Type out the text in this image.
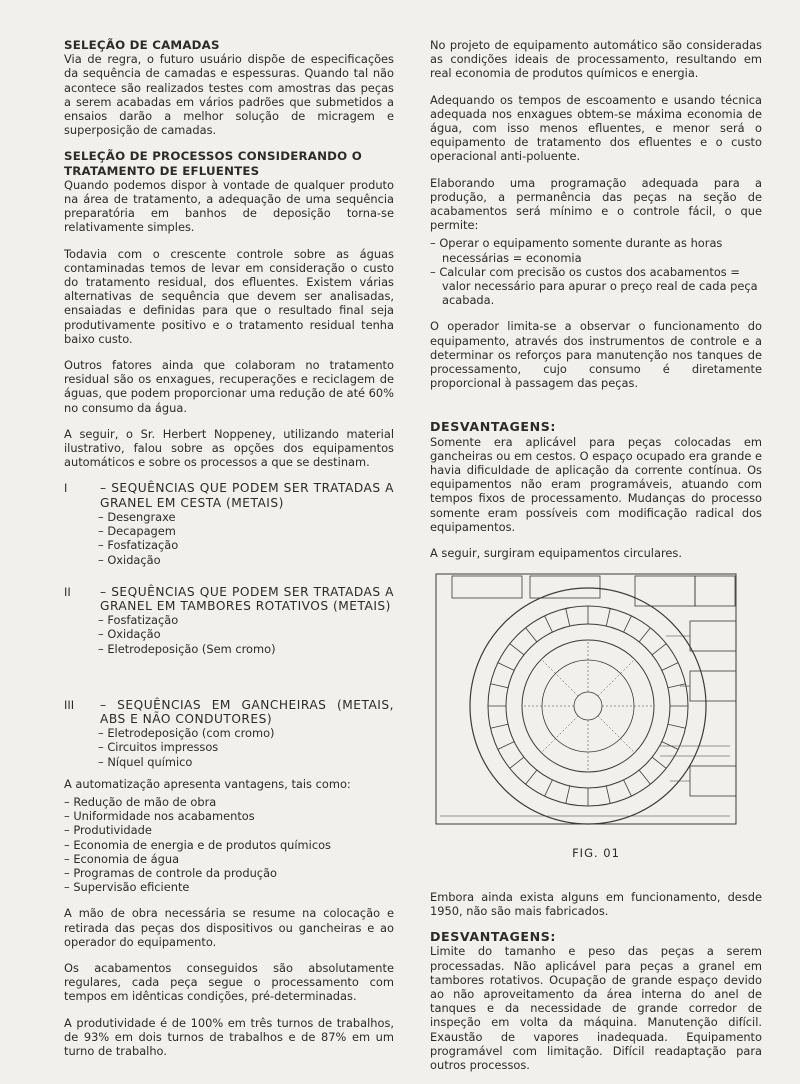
SELEÇÃO DE CAMADAS

Via de regra, o futuro usuário dispõe de especificações da sequência de camadas e espessuras. Quando tal não acontece são realizados testes com amostras das peças a serem acabadas em vários padrões que submetidos a ensaios darão a melhor solução de micragem e superposição de camadas.

SELEÇÃO DE PROCESSOS CONSIDERANDO O TRATAMENTO DE EFLUENTES

Quando podemos dispor à vontade de qualquer produto na área de tratamento, a adequação de uma sequência preparatória em banhos de deposição torna-se relativamente simples.

Todavia com o crescente controle sobre as águas contaminadas temos de levar em consideração o custo do tratamento residual, dos efluentes. Existem várias alternativas de sequência que devem ser analisadas, ensaiadas e definidas para que o resultado final seja produtivamente positivo e o tratamento residual tenha baixo custo.

Outros fatores ainda que colaboram no tratamento residual são os enxagues, recuperações e reciclagem de águas, que podem proporcionar uma redução de até 60% no consumo da água.

A seguir, o Sr. Herbert Noppeney, utilizando material ilustrativo, falou sobre as opções dos equipamentos automáticos e sobre os processos a que se destinam.

I	– SEQUÊNCIAS QUE PODEM SER TRATADAS A GRANEL EM CESTA (METAIS)
– Desengraxe
– Decapagem
– Fosfatização
– Oxidação
II	– SEQUÊNCIAS QUE PODEM SER TRATADAS A GRANEL EM TAMBORES ROTATIVOS (METAIS)
– Fosfatização
– Oxidação
– Eletrodeposição (Sem cromo)
III	– SEQUÊNCIAS EM GANCHEIRAS (METAIS, ABS E NÃO CONDUTORES)
– Eletrodeposição (com cromo)
– Circuitos impressos
– Níquel químico

A automatização apresenta vantagens, tais como:

– Redução de mão de obra
– Uniformidade nos acabamentos
– Produtividade
– Economia de energia e de produtos químicos
– Economia de água
– Programas de controle da produção
– Supervisão eficiente

A mão de obra necessária se resume na colocação e retirada das peças dos dispositivos ou gancheiras e ao operador do equipamento.

Os acabamentos conseguidos são absolutamente regulares, cada peça segue o processamento com tempos em idênticas condições, pré-determinadas.

A produtividade é de 100% em três turnos de trabalhos, de 93% em dois turnos de trabalhos e de 87% em um turno de trabalho.

No projeto de equipamento automático são consideradas as condições ideais de processamento, resultando em real economia de produtos químicos e energia.

Adequando os tempos de escoamento e usando técnica adequada nos enxagues obtem-se máxima economia de água, com isso menos efluentes, e menor será o equipamento de tratamento dos efluentes e o custo operacional anti-poluente.

Elaborando uma programação adequada para a produção, a permanência das peças na seção de acabamentos será mínimo e o controle fácil, o que permite:

– Operar o equipamento somente durante as horas necessárias = economia
– Calcular com precisão os custos dos acabamentos = valor necessário para apurar o preço real de cada peça acabada.

O operador limita-se a observar o funcionamento do equipamento, através dos instrumentos de controle e a determinar os reforços para manutenção nos tanques de processamento, cujo consumo é diretamente proporcional à passagem das peças.

DESVANTAGENS:

Somente era aplicável para peças colocadas em gancheiras ou em cestos. O espaço ocupado era grande e havia dificuldade de aplicação da corrente contínua. Os equipamentos não eram programáveis, atuando com tempos fixos de processamento. Mudanças do processo somente eram possíveis com modificação radical dos equipamentos.

A seguir, surgiram equipamentos circulares.

FIG. 01

Embora ainda exista alguns em funcionamento, desde 1950, não são mais fabricados.

DESVANTAGENS:

Limite do tamanho e peso das peças a serem processadas. Não aplicável para peças a granel em tambores rotativos. Ocupação de grande espaço devido ao não aproveitamento da área interna do anel de tanques e da necessidade de grande corredor de inspeção em volta da máquina. Manutenção difícil. Exaustão de vapores inadequada. Equipamento programável com limitação. Difícil readaptação para outros processos.
